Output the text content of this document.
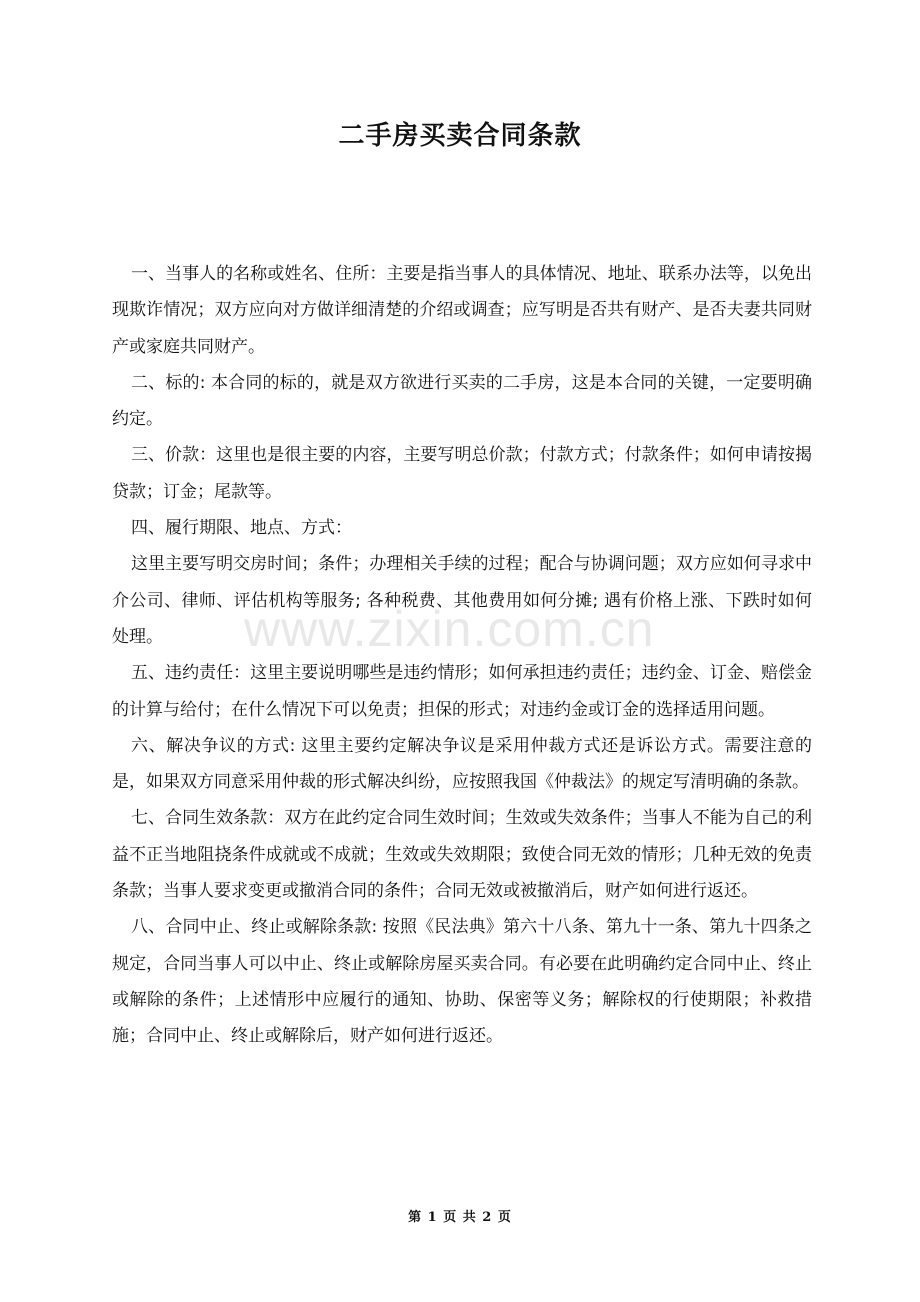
二手房买卖合同条款

一、当事人的名称或姓名、住所：主要是指当事人的具体情况、地址、联系办法等，以免出现欺诈情况；双方应向对方做详细清楚的介绍或调查；应写明是否共有财产、是否夫妻共同财产或家庭共同财产。

二、标的: 本合同的标的，就是双方欲进行买卖的二手房，这是本合同的关键，一定要明确约定。

三、价款：这里也是很主要的内容，主要写明总价款；付款方式；付款条件；如何申请按揭贷款；订金；尾款等。

四、履行期限、地点、方式：

这里主要写明交房时间；条件；办理相关手续的过程；配合与协调问题；双方应如何寻求中介公司、律师、评估机构等服务; 各种税费、其他费用如何分摊; 遇有价格上涨、下跌时如何处理。

五、违约责任：这里主要说明哪些是违约情形；如何承担违约责任；违约金、订金、赔偿金的计算与给付；在什么情况下可以免责；担保的形式；对违约金或订金的选择适用问题。

六、解决争议的方式: 这里主要约定解决争议是采用仲裁方式还是诉讼方式。需要注意的是，如果双方同意采用仲裁的形式解决纠纷，应按照我国《仲裁法》的规定写清明确的条款。

七、合同生效条款：双方在此约定合同生效时间；生效或失效条件；当事人不能为自己的利益不正当地阻挠条件成就或不成就；生效或失效期限；致使合同无效的情形；几种无效的免责条款；当事人要求变更或撤消合同的条件；合同无效或被撤消后，财产如何进行返还。

八、合同中止、终止或解除条款: 按照《民法典》第六十八条、第九十一条、第九十四条之规定，合同当事人可以中止、终止或解除房屋买卖合同。有必要在此明确约定合同中止、终止或解除的条件；上述情形中应履行的通知、协助、保密等义务；解除权的行使期限；补救措施；合同中止、终止或解除后，财产如何进行返还。

www.zixin.com.cn
第 1 页 共 2 页
